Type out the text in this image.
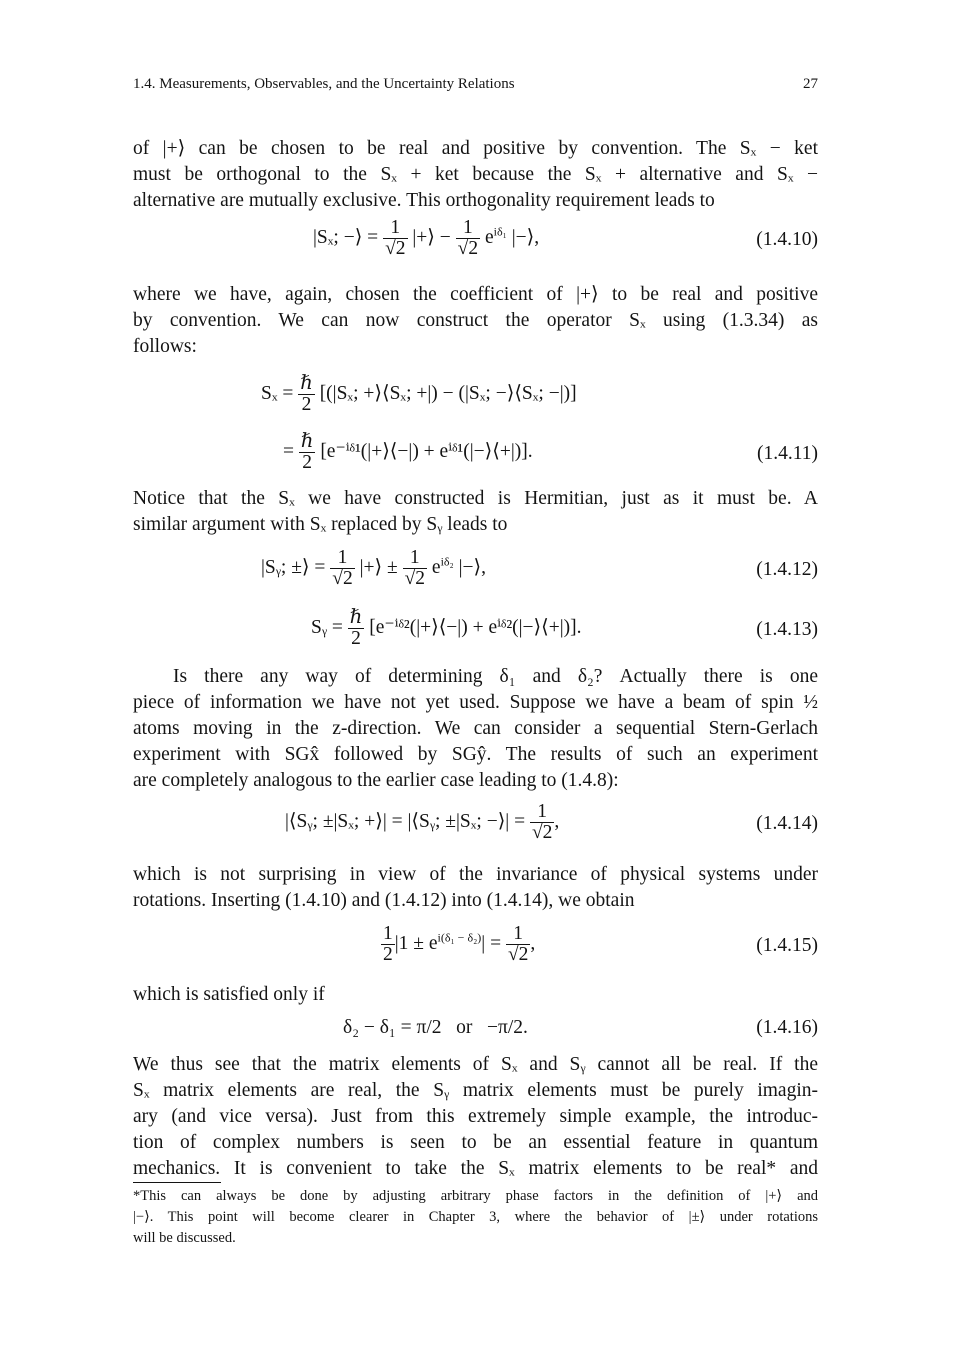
1.4. Measurements, Observables, and the Uncertainty Relations	27
of |+⟩ can be chosen to be real and positive by convention. The Sₓ − ket
must be orthogonal to the Sₓ + ket because the Sₓ + alternative and Sₓ −
alternative are mutually exclusive. This orthogonality requirement leads to
|Sₓ; −⟩ = $\frac{1}{√2}$ |+⟩ − $\frac{1}{√2} e^{i\delta_1}$ |−⟩,	(1.4.10)
where we have, again, chosen the coefficient of |+⟩ to be real and positive
by convention. We can now construct the operator Sₓ using (1.3.34) as
follows:
$S_x = \frac{\text{ℏ}}{2} [(|S_x$; +⟩⟨Sₓ; +|) − (|Sₓ; −⟩⟨Sₓ; −|)]
= $\frac{\text{ℏ}}{2}$ [e⁻ⁱᵟ¹(|+⟩⟨−|) + eⁱᵟ¹(|−⟩⟨+|)].	(1.4.11)
Notice that the Sₓ we have constructed is Hermitian, just as it must be. A
similar argument with Sₓ replaced by Sᵧ leads to
|Sᵧ; ±⟩ = $\frac{1}{√2}$ |+⟩ ± $\frac{1}{√2} e^{i\delta_2}$ |−⟩,	(1.4.12)
Sᵧ = $\frac{\text{ℏ}}{2}$ [e⁻ⁱᵟ²(|+⟩⟨−|) + eⁱᵟ²(|−⟩⟨+|)].	(1.4.13)
Is there any way of determining δ₁ and δ₂? Actually there is one
piece of information we have not yet used. Suppose we have a beam of spin ½
atoms moving in the z-direction. We can consider a sequential Stern-Gerlach
experiment with SGx̂ followed by SGŷ. The results of such an experiment
are completely analogous to the earlier case leading to (1.4.8):
|⟨Sᵧ; ±|Sₓ; +⟩| = |⟨Sᵧ; ±|Sₓ; −⟩| = $\frac{1}{√2}$ ,	(1.4.14)
which is not surprising in view of the invariance of physical systems under
rotations. Inserting (1.4.10) and (1.4.12) into (1.4.14), we obtain
$\frac{1}{2} |1 \pm e^{i(\delta_1 - \delta_2)}| = \frac{1}{√2}$ ,	(1.4.15)
which is satisfied only if
δ₂ − δ₁ = π/2   or   −π/2.	(1.4.16)
We thus see that the matrix elements of Sₓ and Sᵧ cannot all be real. If the
Sₓ matrix elements are real, the Sᵧ matrix elements must be purely imagin-
ary (and vice versa). Just from this extremely simple example, the introduc-
tion of complex numbers is seen to be an essential feature in quantum
mechanics. It is convenient to take the Sₓ matrix elements to be real* and
*This can always be done by adjusting arbitrary phase factors in the definition of |+⟩ and
|−⟩. This point will become clearer in Chapter 3, where the behavior of |±⟩ under rotations
will be discussed.
